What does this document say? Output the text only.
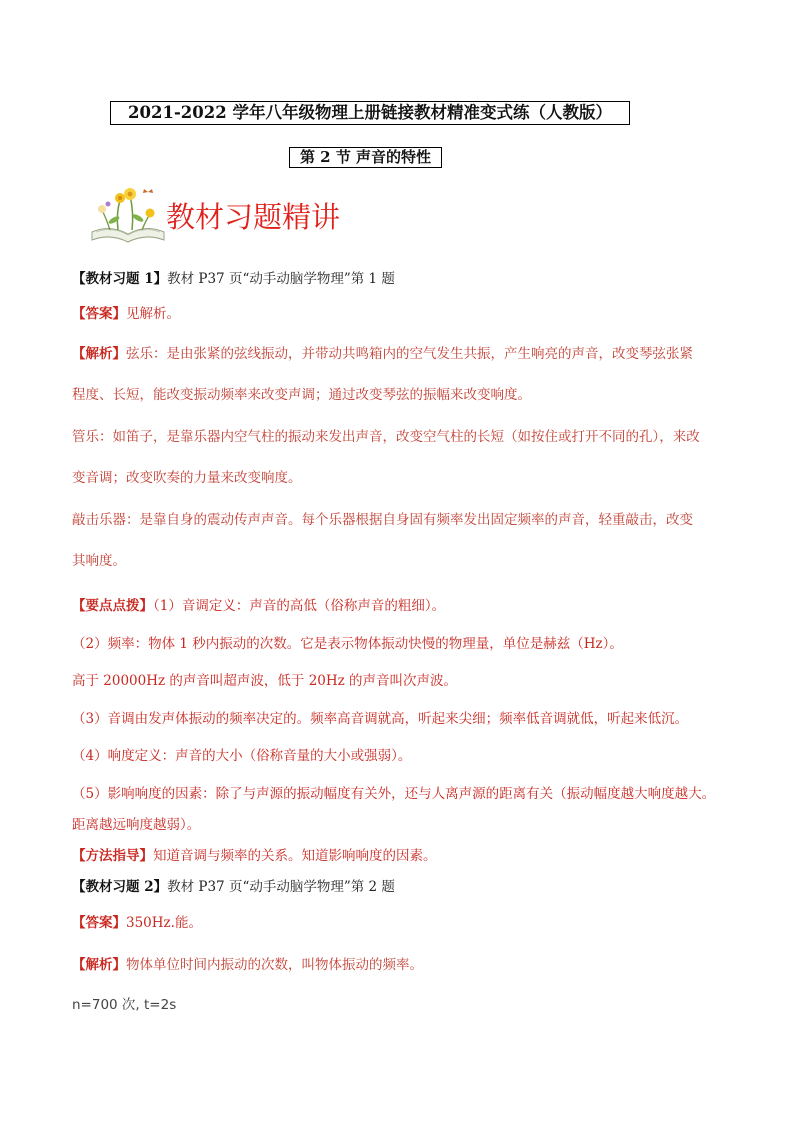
2021-2022 学年八年级物理上册链接教材精准变式练（人教版）
第 2 节 声音的特性
教材习题精讲
【教材习题 1】教材 P37 页“动手动脑学物理”第 1 题
【答案】见解析。
【解析】弦乐：是由张紧的弦线振动，并带动共鸣箱内的空气发生共振，产生响亮的声音，改变琴弦张紧
程度、长短，能改变振动频率来改变声调；通过改变琴弦的振幅来改变响度。
管乐：如笛子，是靠乐器内空气柱的振动来发出声音，改变空气柱的长短（如按住或打开不同的孔），来改
变音调；改变吹奏的力量来改变响度。
敲击乐器：是靠自身的震动传声声音。每个乐器根据自身固有频率发出固定频率的声音，轻重敲击，改变
其响度。
【要点点拨】（1）音调定义：声音的高低（俗称声音的粗细）。
（2）频率：物体 1 秒内振动的次数。它是表示物体振动快慢的物理量，单位是赫兹（Hz）。
高于 20000Hz 的声音叫超声波，低于 20Hz 的声音叫次声波。
（3）音调由发声体振动的频率决定的。频率高音调就高，听起来尖细；频率低音调就低，听起来低沉。
（4）响度定义：声音的大小（俗称音量的大小或强弱）。
（5）影响响度的因素：除了与声源的振动幅度有关外，还与人离声源的距离有关（振动幅度越大响度越大。
距离越远响度越弱）。
【方法指导】知道音调与频率的关系。知道影响响度的因素。
【教材习题 2】教材 P37 页“动手动脑学物理”第 2 题
【答案】350Hz.能。
【解析】物体单位时间内振动的次数，叫物体振动的频率。
n=700 次, t=2s
